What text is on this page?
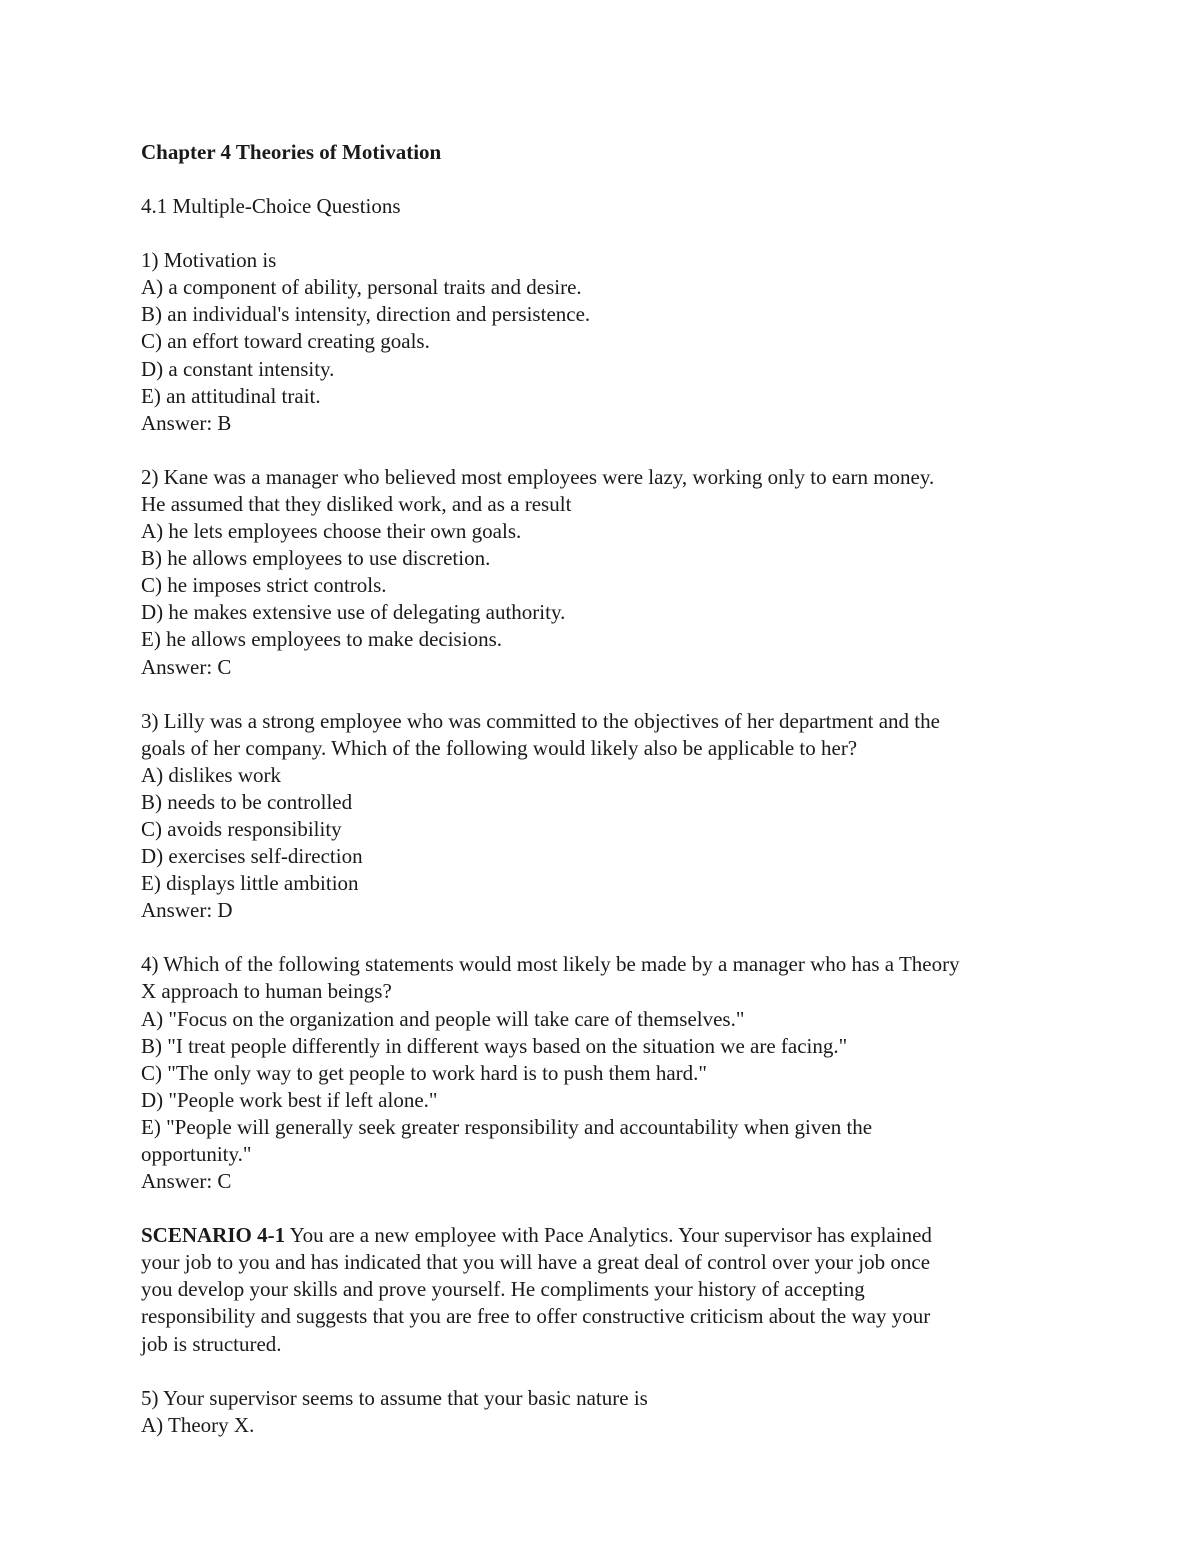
Chapter 4 Theories of Motivation
4.1 Multiple-Choice Questions
1) Motivation is
A) a component of ability, personal traits and desire.
B) an individual's intensity, direction and persistence.
C) an effort toward creating goals.
D) a constant intensity.
E) an attitudinal trait.
Answer: B
2) Kane was a manager who believed most employees were lazy, working only to earn money.
He assumed that they disliked work, and as a result
A) he lets employees choose their own goals.
B) he allows employees to use discretion.
C) he imposes strict controls.
D) he makes extensive use of delegating authority.
E) he allows employees to make decisions.
Answer: C
3) Lilly was a strong employee who was committed to the objectives of her department and the
goals of her company. Which of the following would likely also be applicable to her?
A) dislikes work
B) needs to be controlled
C) avoids responsibility
D) exercises self-direction
E) displays little ambition
Answer: D
4) Which of the following statements would most likely be made by a manager who has a Theory
X approach to human beings?
A) "Focus on the organization and people will take care of themselves."
B) "I treat people differently in different ways based on the situation we are facing."
C) "The only way to get people to work hard is to push them hard."
D) "People work best if left alone."
E) "People will generally seek greater responsibility and accountability when given the
opportunity."
Answer: C
SCENARIO 4-1 You are a new employee with Pace Analytics. Your supervisor has explained
your job to you and has indicated that you will have a great deal of control over your job once
you develop your skills and prove yourself. He compliments your history of accepting
responsibility and suggests that you are free to offer constructive criticism about the way your
job is structured.
5) Your supervisor seems to assume that your basic nature is
A) Theory X.
